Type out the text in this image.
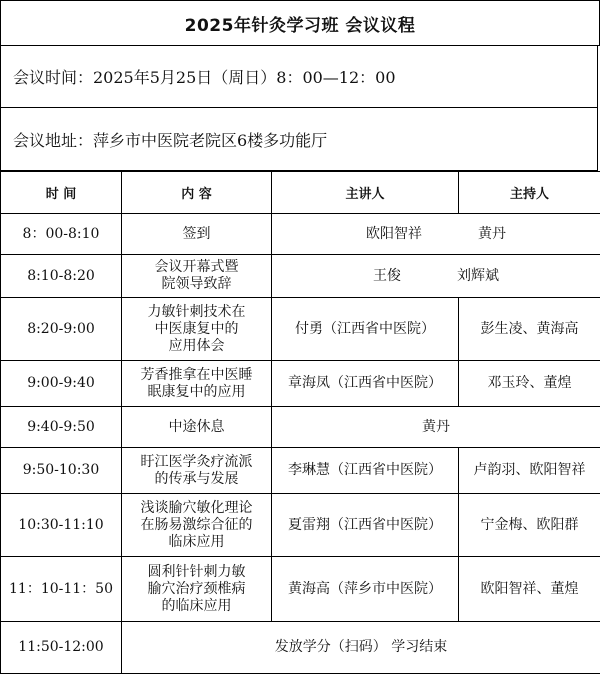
2025年针灸学习班 会议议程
会议时间：2025年5月25日（周日）8：00—12：00
会议地址：萍乡市中医院老院区6楼多功能厅
时 间	内 容	主讲人	主持人
8：00-8:10	签到	欧阳智祥 黄丹	

8:10-8:20	会议开幕式暨
院领导致辞	王俊 刘辉斌	

8:20-9:00	力敏针刺技术在
中医康复中的
应用体会	付勇（江西省中医院）	彭生凌、黄海高
9:00-9:40	芳香推拿在中医睡
眠康复中的应用	章海凤（江西省中医院）	邓玉玲、董煌
9:40-9:50	中途休息	黄丹	
9:50-10:30	盱江医学灸疗流派
的传承与发展	李琳慧（江西省中医院）	卢韵羽、欧阳智祥
10:30-11:10	浅谈腧穴敏化理论
在肠易激综合征的
临床应用	夏雷翔（江西省中医院）	宁金梅、欧阳群
11：10-11：50	圆利针针刺力敏
腧穴治疗颈椎病
的临床应用	黄海高（萍乡市中医院）	欧阳智祥、董煌
11:50-12:00	发放学分（扫码） 学习结束		
